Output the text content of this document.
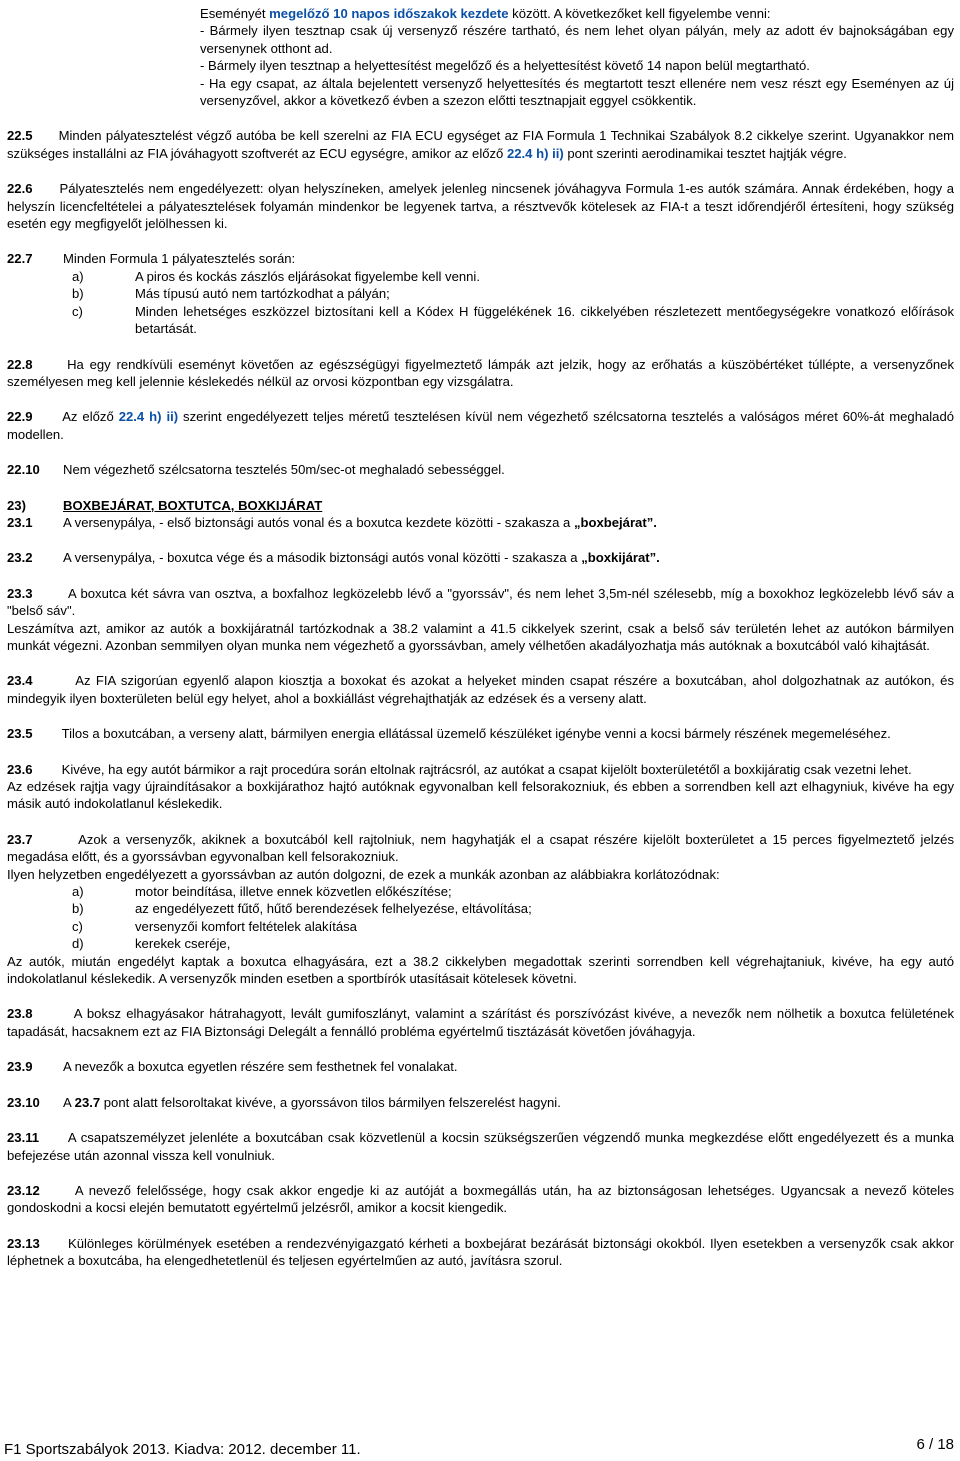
Eseményét megelőző 10 napos időszakok kezdete között. A következőket kell figyelembe venni:

- Bármely ilyen tesztnap csak új versenyző részére tartható, és nem lehet olyan pályán, mely az adott év bajnokságában egy versenynek otthont ad.

- Bármely ilyen tesztnap a helyettesítést megelőző és a helyettesítést követő 14 napon belül megtartható.

- Ha egy csapat, az általa bejelentett versenyző helyettesítés és megtartott teszt ellenére nem vesz részt egy Eseményen az új versenyzővel, akkor a következő évben a szezon előtti tesztnapjait eggyel csökkentik.

22.5 Minden pályatesztelést végző autóba be kell szerelni az FIA ECU egységet az FIA Formula 1 Technikai Szabályok 8.2 cikkelye szerint. Ugyanakkor nem szükséges installálni az FIA jóváhagyott szoftverét az ECU egységre, amikor az előző 22.4 h) ii) pont szerinti aerodinamikai tesztet hajtják végre.

22.6 Pályatesztelés nem engedélyezett: olyan helyszíneken, amelyek jelenleg nincsenek jóváhagyva Formula 1-es autók számára. Annak érdekében, hogy a helyszín licencfeltételei a pályatesztelések folyamán mindenkor be legyenek tartva, a résztvevők kötelesek az FIA-t a teszt időrendjéről értesíteni, hogy szükség esetén egy megfigyelőt jelölhessen ki.

22.7	Minden Formula 1 pályatesztelés során:
a)	A piros és kockás zászlós eljárásokat figyelembe kell venni.
b)	Más típusú autó nem tartózkodhat a pályán;
c)	Minden lehetséges eszközzel biztosítani kell a Kódex H függelékének 16. cikkelyében részletezett mentőegységekre vonatkozó előírások betartását.

22.8	Ha egy rendkívüli eseményt követően az egészségügyi figyelmeztető lámpák azt jelzik, hogy az erőhatás a küszöbértéket túllépte, a versenyzőnek személyesen meg kell jelennie késlekedés nélkül az orvosi központban egy vizsgálatra.

22.9 Az előző 22.4 h) ii) szerint engedélyezett teljes méretű tesztelésen kívül nem végezhető szélcsatorna tesztelés a valóságos méret 60%-át meghaladó modellen.

22.10	Nem végezhető szélcsatorna tesztelés 50m/sec-ot meghaladó sebességgel.
23)	BOXBEJÁRAT, BOXTUTCA, BOXKIJÁRAT
23.1	A versenypálya, - első biztonsági autós vonal és a boxutca kezdete közötti - szakasza a „boxbejárat”.
23.2	A versenypálya, - boxutca vége és a második biztonsági autós vonal közötti - szakasza a „boxkijárat”.

23.3	A boxutca két sávra van osztva, a boxfalhoz legközelebb lévő a "gyorssáv", és nem lehet 3,5m-nél szélesebb, míg a boxokhoz legközelebb lévő sáv a "belső sáv".

Leszámítva azt, amikor az autók a boxkijáratnál tartózkodnak a 38.2 valamint a 41.5 cikkelyek szerint, csak a belső sáv területén lehet az autókon bármilyen munkát végezni. Azonban semmilyen olyan munka nem végezhető a gyorssávban, amely vélhetően akadályozhatja más autóknak a boxutcából való kihajtását.

23.4	Az FIA szigorúan egyenlő alapon kiosztja a boxokat és azokat a helyeket minden csapat részére a boxutcában, ahol dolgozhatnak az autókon, és mindegyik ilyen boxterületen belül egy helyet, ahol a boxkiállást végrehajthatják az edzések és a verseny alatt.

23.5 Tilos a boxutcában, a verseny alatt, bármilyen energia ellátással üzemelő készüléket igénybe venni a kocsi bármely részének megemeléséhez.

23.6 Kivéve, ha egy autót bármikor a rajt procedúra során eltolnak rajtrácsról, az autókat a csapat kijelölt boxterületétől a boxkijáratig csak vezetni lehet.

Az edzések rajtja vagy újraindításakor a boxkijárathoz hajtó autóknak egyvonalban kell felsorakozniuk, és ebben a sorrendben kell azt elhagyniuk, kivéve ha egy másik autó indokolatlanul késlekedik.

23.7	Azok a versenyzők, akiknek a boxutcából kell rajtolniuk, nem hagyhatják el a csapat részére kijelölt boxterületet a 15 perces figyelmeztető jelzés megadása előtt, és a gyorssávban egyvonalban kell felsorakozniuk.

Ilyen helyzetben engedélyezett a gyorssávban az autón dolgozni, de ezek a munkák azonban az alábbiakra korlátozódnak:

a)	motor beindítása, illetve ennek közvetlen előkészítése;
b)	az engedélyezett fűtő, hűtő berendezések felhelyezése, eltávolítása;
c)	versenyzői komfort feltételek alakítása
d)	kerekek cseréje,

Az autók, miután engedélyt kaptak a boxutca elhagyására, ezt a 38.2 cikkelyben megadottak szerinti sorrendben kell végrehajtaniuk, kivéve, ha egy autó indokolatlanul késlekedik. A versenyzők minden esetben a sportbírók utasításait kötelesek követni.

23.8	A boksz elhagyásakor hátrahagyott, levált gumifoszlányt, valamint a szárítást és porszívózást kivéve, a nevezők nem nölhetik a boxutca felületének tapadását, hacsaknem ezt az FIA Biztonsági Delegált a fennálló probléma egyértelmű tisztázását követően jóváhagyja.

23.9	A nevezők a boxutca egyetlen részére sem festhetnek fel vonalakat.
23.10	A 23.7 pont alatt felsoroltakat kivéve, a gyorssávon tilos bármilyen felszerelést hagyni.

23.11 A csapatszemélyzet jelenléte a boxutcában csak közvetlenül a kocsin szükségszerűen végzendő munka megkezdése előtt engedélyezett és a munka befejezése után azonnal vissza kell vonulniuk.

23.12	A nevező felelőssége, hogy csak akkor engedje ki az autóját a boxmegállás után, ha az biztonságosan lehetséges. Ugyancsak a nevező köteles gondoskodni a kocsi elején bemutatott egyértelmű jelzésről, amikor a kocsit kiengedik.

23.13 Különleges körülmények esetében a rendezvényigazgató kérheti a boxbejárat bezárását biztonsági okokból. Ilyen esetekben a versenyzők csak akkor léphetnek a boxutcába, ha elengedhetetlenül és teljesen egyértelműen az autó, javításra szorul.

F1 Sportszabályok 2013. Kiadva: 2012. december 11.	6 / 18
